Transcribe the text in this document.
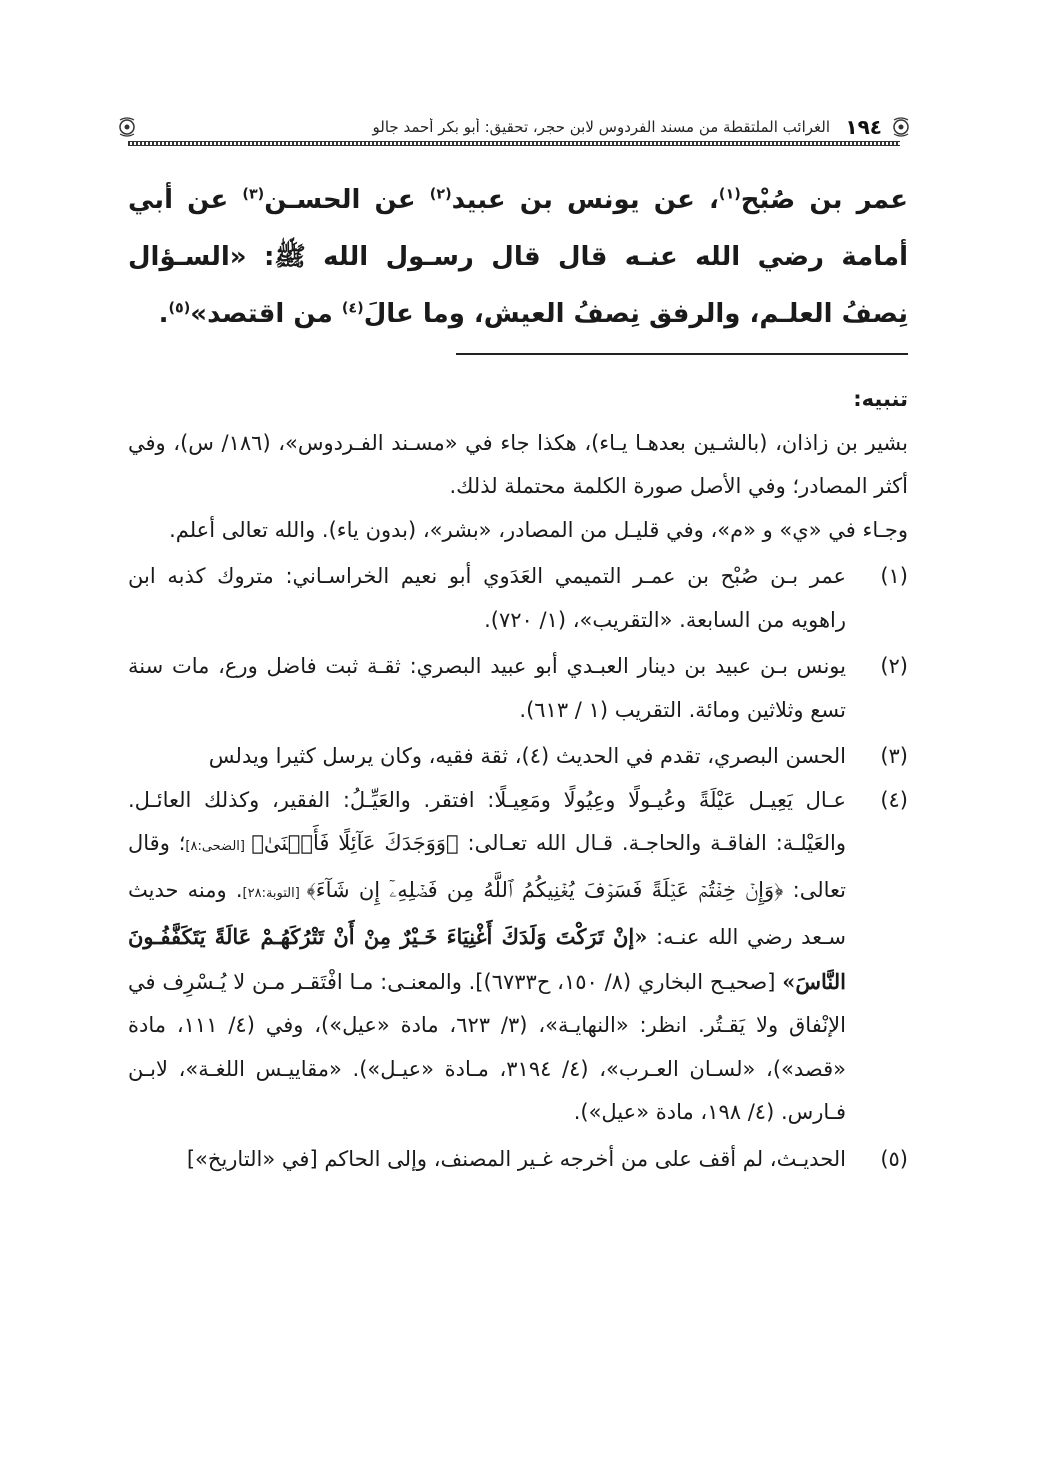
١٩٤
الغرائب الملتقطة من مسند الفردوس لابن حجر، تحقيق: أبو بكر أحمد جالو
عمر بن صُبْح$^{(١)}$، عن يونس بن عبيد$^{(٢)}$ عن الحسـن$^{(٣)}$ عن أبي أمامة رضي الله عنـه قال قال رسـول الله ﷺ: «السـؤال نِصفُ العلـم، والرفق نِصفُ العيش، وما عالَ$^{(٤)}$ من اقتصد»$^{(٥)}$.

تنبيه:

بشير بن زاذان، (بالشـين بعدهـا يـاء)، هكذا جاء في «مسـند الفـردوس»، (١٨٦/ س)، وفي أكثر المصادر؛ وفي الأصل صورة الكلمة محتملة لذلك.

وجـاء في «ي» و «م»، وفي قليـل من المصادر، «بشر»، (بدون ياء). والله تعالى أعلم.

(١)
عمر بـن صُبْح بن عمـر التميمي العَدَوي أبو نعيم الخراسـاني: متروك كذبه ابن راهويه من السابعة. «التقريب»، (١/ ٧٢٠).

(٢)
يونس بـن عبيد بن دينار العبـدي أبو عبيد البصري: ثقـة ثبت فاضل ورع، مات سنة تسع وثلاثين ومائة. التقريب (١ / ٦١٣).

(٣)
الحسن البصري، تقدم في الحديث (٤)، ثقة فقيه، وكان يرسل كثيرا ويدلس

(٤)
عـال يَعِيـل عَيْلَةً وعُيـولًا وعِيُولًا ومَعِيـلًا: افتقر. والعَيِّـلُ: الفقير، وكذلك العائـل. والعَيْلـة: الفاقـة والحاجـة. قـال الله تعـالى: ﴿وَوَجَدَكَ عَآئِلًا فَأَغۡنَىٰ﴾ [الضحى:٨]؛ وقال تعالى: ﴿وَإِنۡ خِفۡتُمۡ عَيۡلَةً فَسَوۡفَ يُغۡنِيكُمُ ٱللَّهُ مِن فَضۡلِهِۦٓ إِن شَآءَ﴾ [التوبة:٢٨]. ومنه حديث سـعد رضي الله عنـه: «إنْ تَرَكْتَ وَلَدَكَ أَغْنِيَاءَ خَـيْرٌ مِنْ أَنْ تَتْرُكَهُـمْ عَالَةً يَتَكَفَّفُـونَ النَّاسَ» [صحيـح البخاري (٨/ ١٥٠، ح٦٧٣٣)]. والمعنـى: مـا افْتَقـر مـن لا يُـسْرِف في الإنْفاق ولا يَقـتُر. انظر: «النهايـة»، (٣/ ٦٢٣، مادة «عيل»)، وفي (٤/ ١١١، مادة «قصد»)، «لسـان العـرب»، (٤/ ٣١٩٤، مـادة «عيـل»). «مقاييـس اللغـة»، لابـن فـارس. (٤/ ١٩٨، مادة «عيل»).

(٥)
الحديـث، لم أقف على من أخرجه غـير المصنف، وإلى الحاكم [في «التاريخ»]
